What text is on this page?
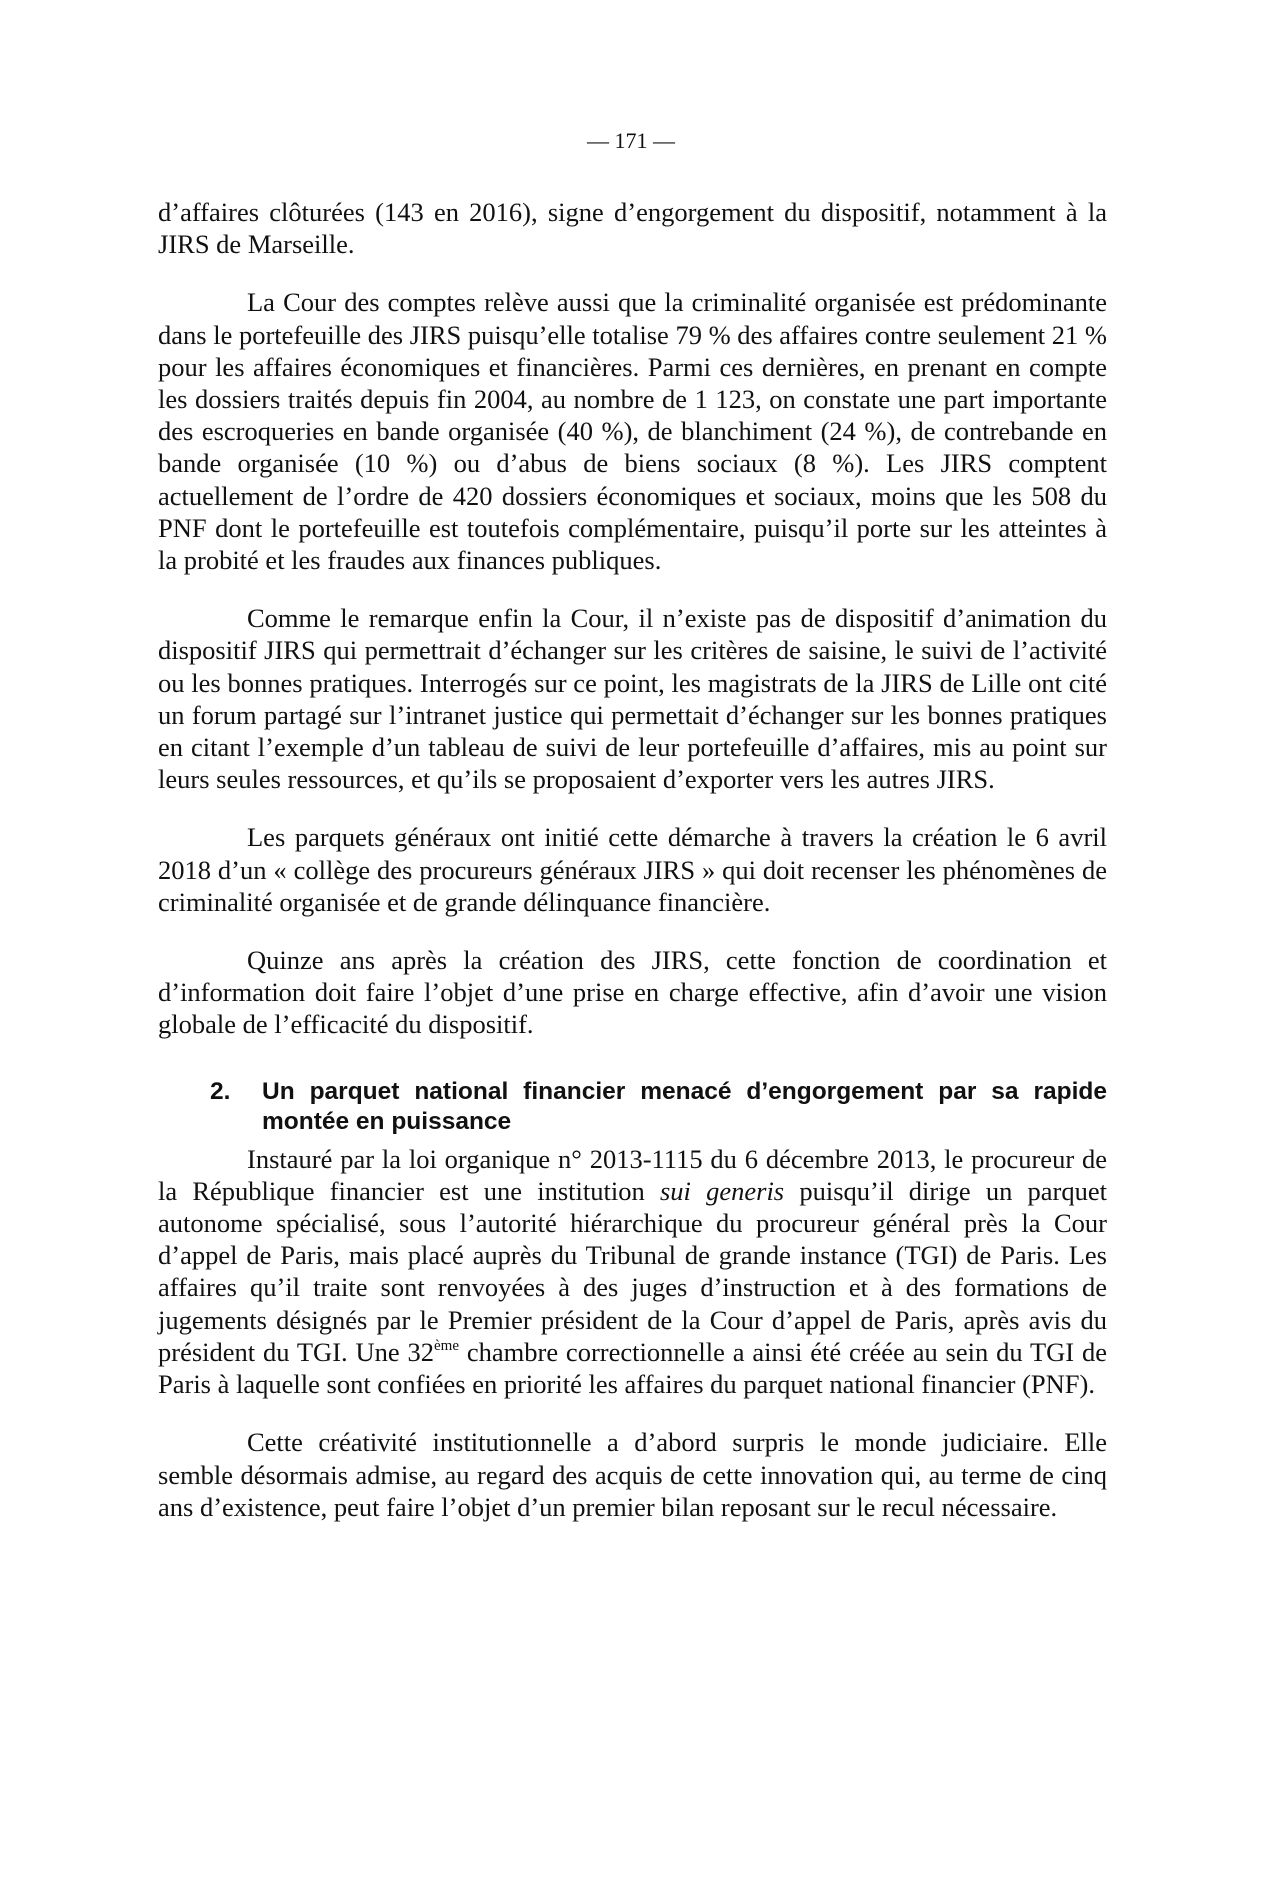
— 171 —

d’affaires clôturées (143 en 2016), signe d’engorgement du dispositif, notamment à la JIRS de Marseille.

La Cour des comptes relève aussi que la criminalité organisée est prédominante dans le portefeuille des JIRS puisqu’elle totalise 79 % des affaires contre seulement 21 % pour les affaires économiques et financières. Parmi ces dernières, en prenant en compte les dossiers traités depuis fin 2004, au nombre de 1 123, on constate une part importante des escroqueries en bande organisée (40 %), de blanchiment (24 %), de contrebande en bande organisée (10 %) ou d’abus de biens sociaux (8 %). Les JIRS comptent actuellement de l’ordre de 420 dossiers économiques et sociaux, moins que les 508 du PNF dont le portefeuille est toutefois complémentaire, puisqu’il porte sur les atteintes à la probité et les fraudes aux finances publiques.

Comme le remarque enfin la Cour, il n’existe pas de dispositif d’animation du dispositif JIRS qui permettrait d’échanger sur les critères de saisine, le suivi de l’activité ou les bonnes pratiques. Interrogés sur ce point, les magistrats de la JIRS de Lille ont cité un forum partagé sur l’intranet justice qui permettait d’échanger sur les bonnes pratiques en citant l’exemple d’un tableau de suivi de leur portefeuille d’affaires, mis au point sur leurs seules ressources, et qu’ils se proposaient d’exporter vers les autres JIRS.

Les parquets généraux ont initié cette démarche à travers la création le 6 avril 2018 d’un « collège des procureurs généraux JIRS » qui doit recenser les phénomènes de criminalité organisée et de grande délinquance financière.

Quinze ans après la création des JIRS, cette fonction de coordination et d’information doit faire l’objet d’une prise en charge effective, afin d’avoir une vision globale de l’efficacité du dispositif.

2.	Un parquet national financier menacé d’engorgement par sa rapide montée en puissance

Instauré par la loi organique n° 2013-1115 du 6 décembre 2013, le procureur de la République financier est une institution sui generis puisqu’il dirige un parquet autonome spécialisé, sous l’autorité hiérarchique du procureur général près la Cour d’appel de Paris, mais placé auprès du Tribunal de grande instance (TGI) de Paris. Les affaires qu’il traite sont renvoyées à des juges d’instruction et à des formations de jugements désignés par le Premier président de la Cour d’appel de Paris, après avis du président du TGI. Une 32ème chambre correctionnelle a ainsi été créée au sein du TGI de Paris à laquelle sont confiées en priorité les affaires du parquet national financier (PNF).

Cette créativité institutionnelle a d’abord surpris le monde judiciaire. Elle semble désormais admise, au regard des acquis de cette innovation qui, au terme de cinq ans d’existence, peut faire l’objet d’un premier bilan reposant sur le recul nécessaire.
